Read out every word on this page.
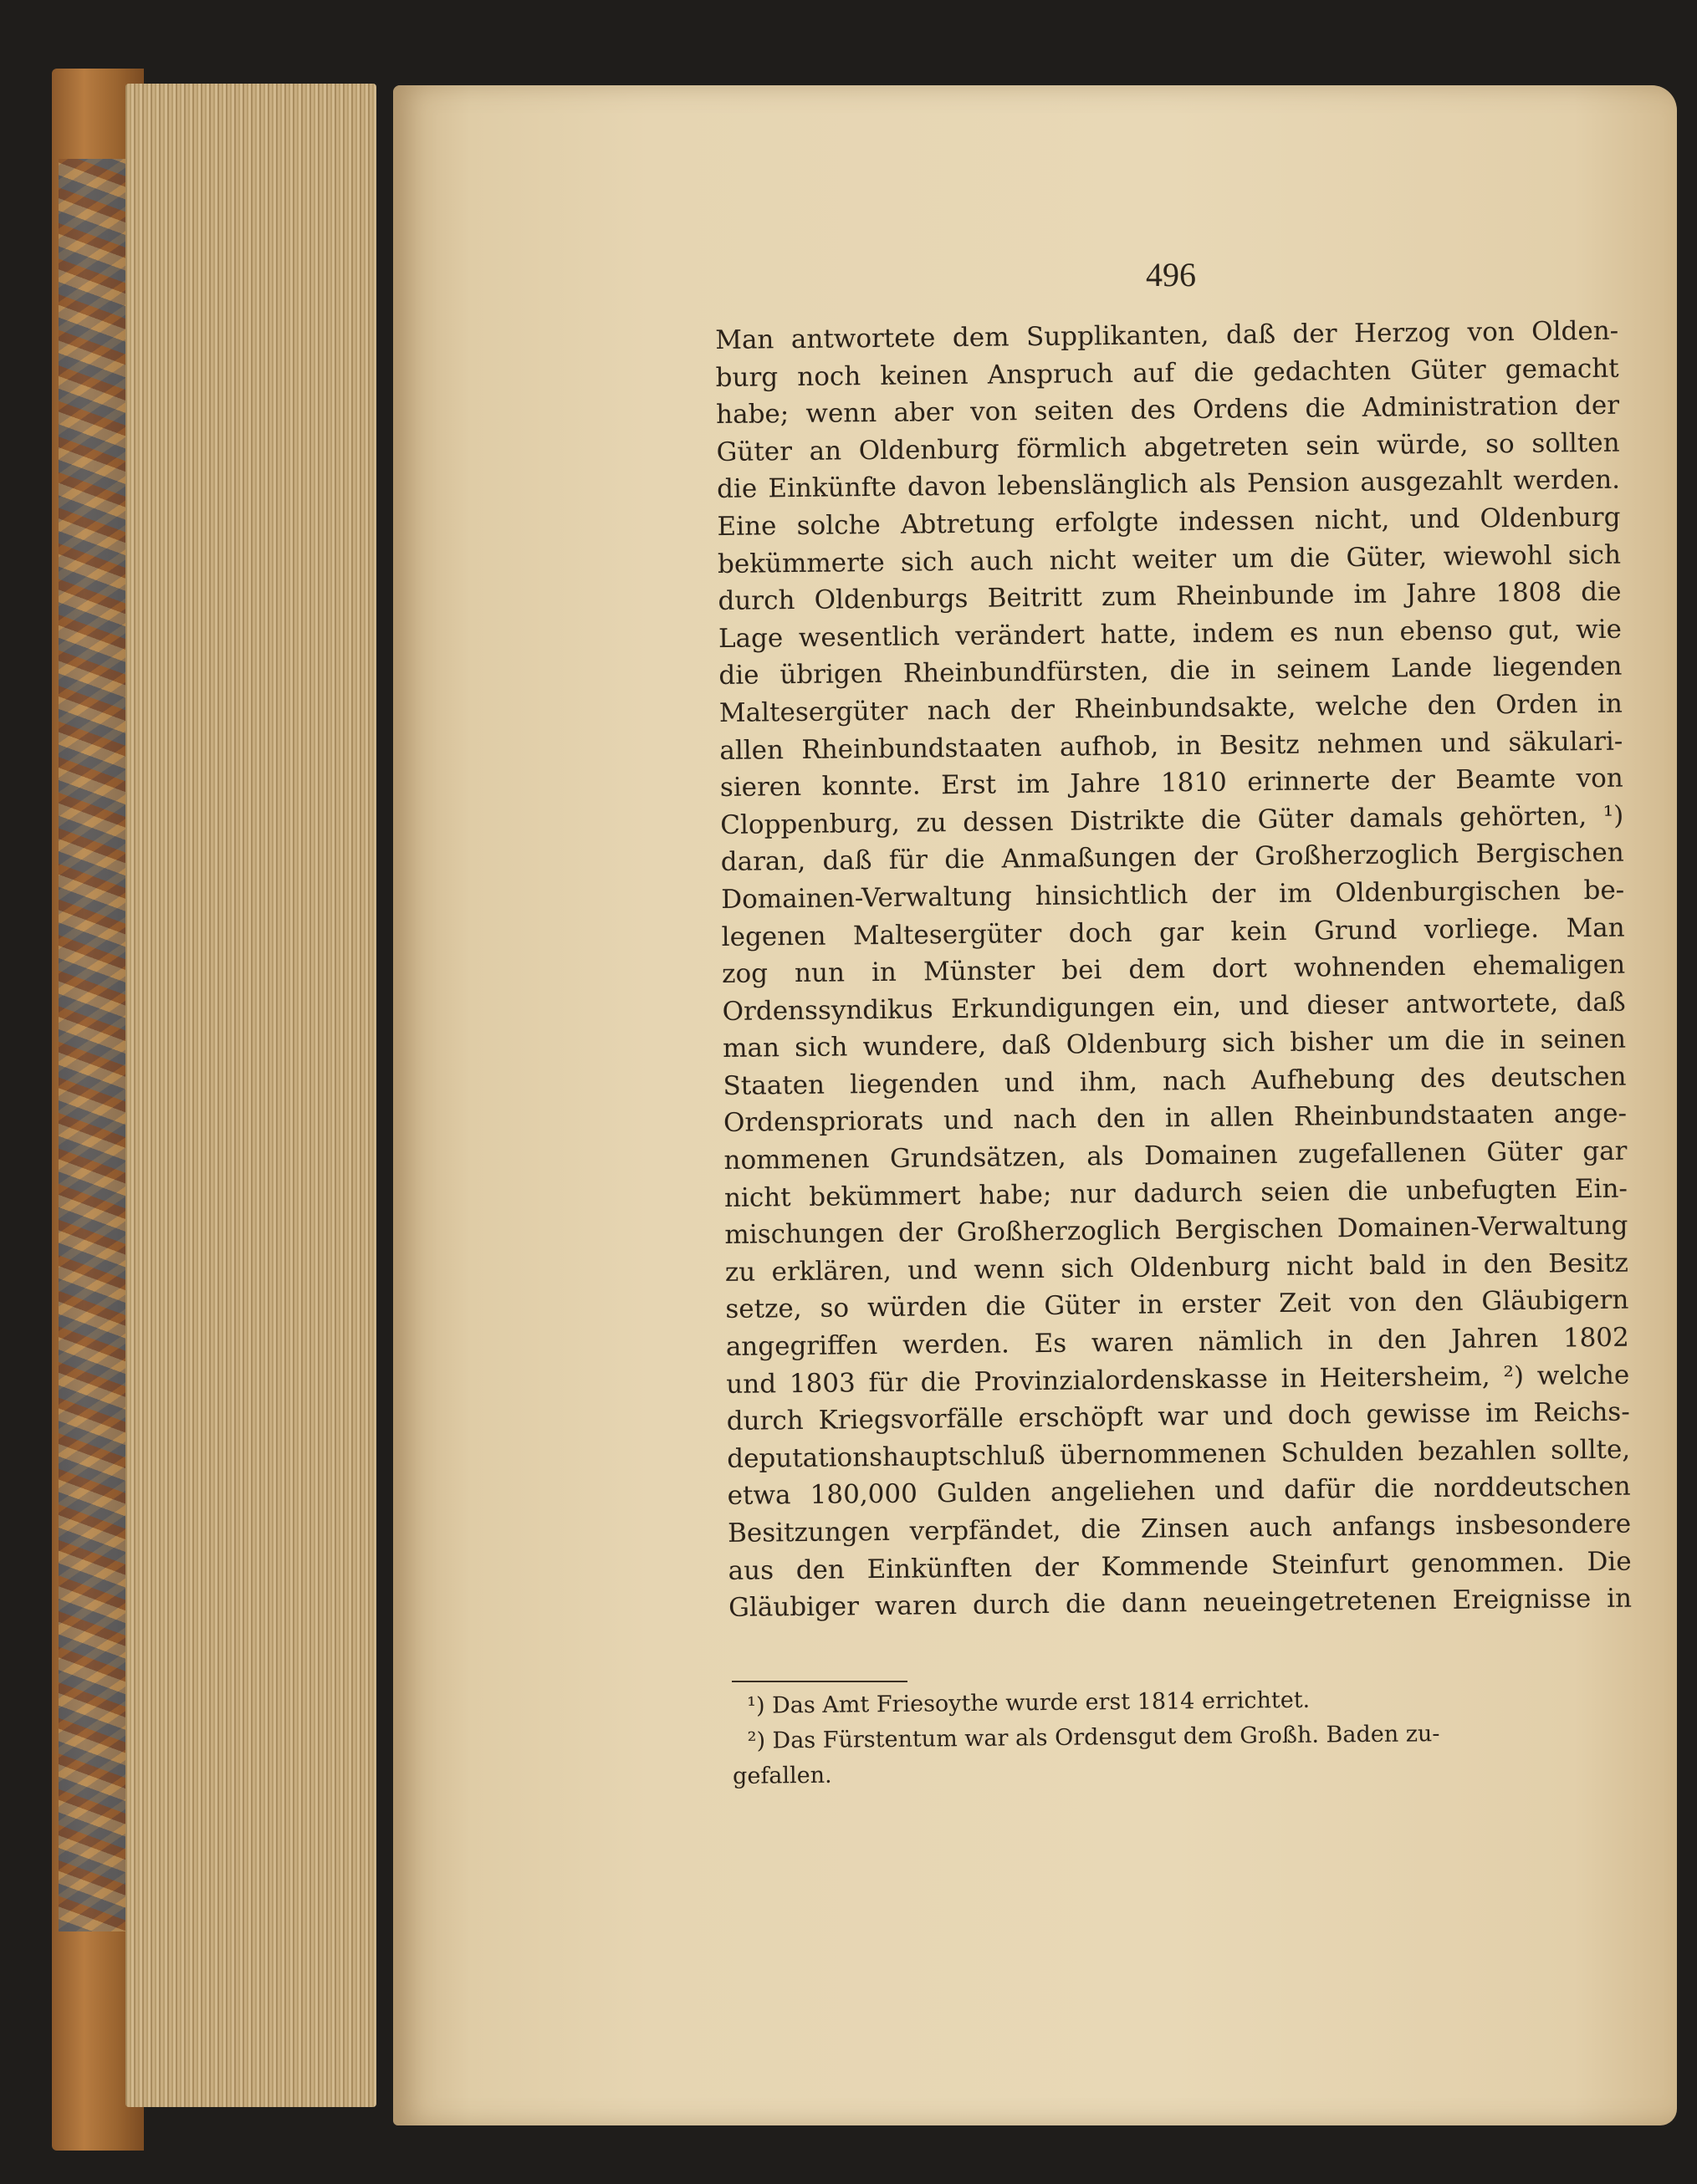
496
Man antwortete dem Supplikanten, daß der Herzog von Olden-
burg noch keinen Anspruch auf die gedachten Güter gemacht
habe; wenn aber von seiten des Ordens die Administration der
Güter an Oldenburg förmlich abgetreten sein würde, so sollten
die Einkünfte davon lebenslänglich als Pension ausgezahlt werden.
Eine solche Abtretung erfolgte indessen nicht, und Oldenburg
bekümmerte sich auch nicht weiter um die Güter, wiewohl sich
durch Oldenburgs Beitritt zum Rheinbunde im Jahre 1808 die
Lage wesentlich verändert hatte, indem es nun ebenso gut, wie
die übrigen Rheinbundfürsten, die in seinem Lande liegenden
Maltesergüter nach der Rheinbundsakte, welche den Orden in
allen Rheinbundstaaten aufhob, in Besitz nehmen und säkulari-
sieren konnte. Erst im Jahre 1810 erinnerte der Beamte von
Cloppenburg, zu dessen Distrikte die Güter damals gehörten, ¹)
daran, daß für die Anmaßungen der Großherzoglich Bergischen
Domainen-Verwaltung hinsichtlich der im Oldenburgischen be-
legenen Maltesergüter doch gar kein Grund vorliege. Man
zog nun in Münster bei dem dort wohnenden ehemaligen
Ordenssyndikus Erkundigungen ein, und dieser antwortete, daß
man sich wundere, daß Oldenburg sich bisher um die in seinen
Staaten liegenden und ihm, nach Aufhebung des deutschen
Ordenspriorats und nach den in allen Rheinbundstaaten ange-
nommenen Grundsätzen, als Domainen zugefallenen Güter gar
nicht bekümmert habe; nur dadurch seien die unbefugten Ein-
mischungen der Großherzoglich Bergischen Domainen-Verwaltung
zu erklären, und wenn sich Oldenburg nicht bald in den Besitz
setze, so würden die Güter in erster Zeit von den Gläubigern
angegriffen werden. Es waren nämlich in den Jahren 1802
und 1803 für die Provinzialordenskasse in Heitersheim, ²) welche
durch Kriegsvorfälle erschöpft war und doch gewisse im Reichs-
deputationshauptschluß übernommenen Schulden bezahlen sollte,
etwa 180,000 Gulden angeliehen und dafür die norddeutschen
Besitzungen verpfändet, die Zinsen auch anfangs insbesondere
aus den Einkünften der Kommende Steinfurt genommen. Die
Gläubiger waren durch die dann neueingetretenen Ereignisse in
¹) Das Amt Friesoythe wurde erst 1814 errichtet.
²) Das Fürstentum war als Ordensgut dem Großh. Baden zu-
gefallen.
